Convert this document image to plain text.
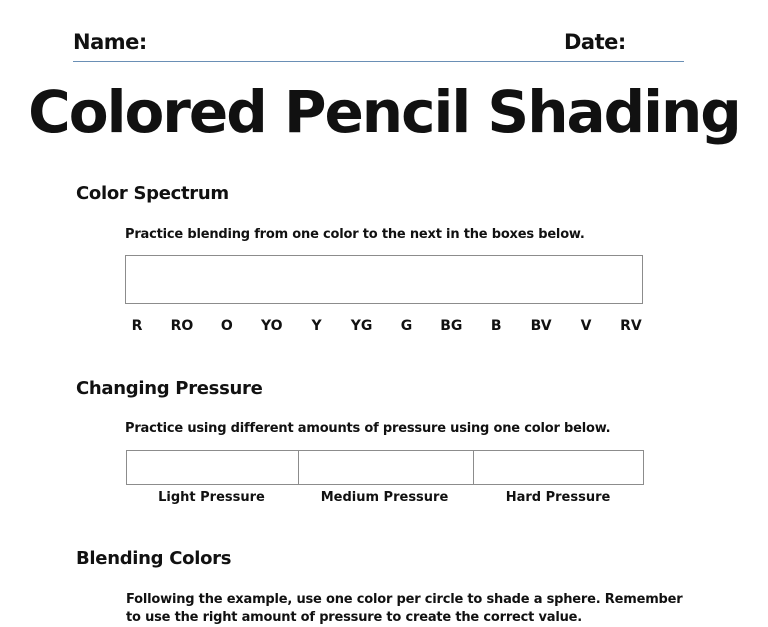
Name:	Date:
Colored Pencil Shading
Color Spectrum
Practice blending from one color to the next in the boxes below.
R	RO	O	YO	Y	YG	G	BG	B	BV	V	RV
Changing Pressure
Practice using different amounts of pressure using one color below.
Light Pressure	Medium Pressure	Hard Pressure
Blending Colors
Following the example, use one color per circle to shade a sphere. Remember to use the right amount of pressure to create the correct value.
